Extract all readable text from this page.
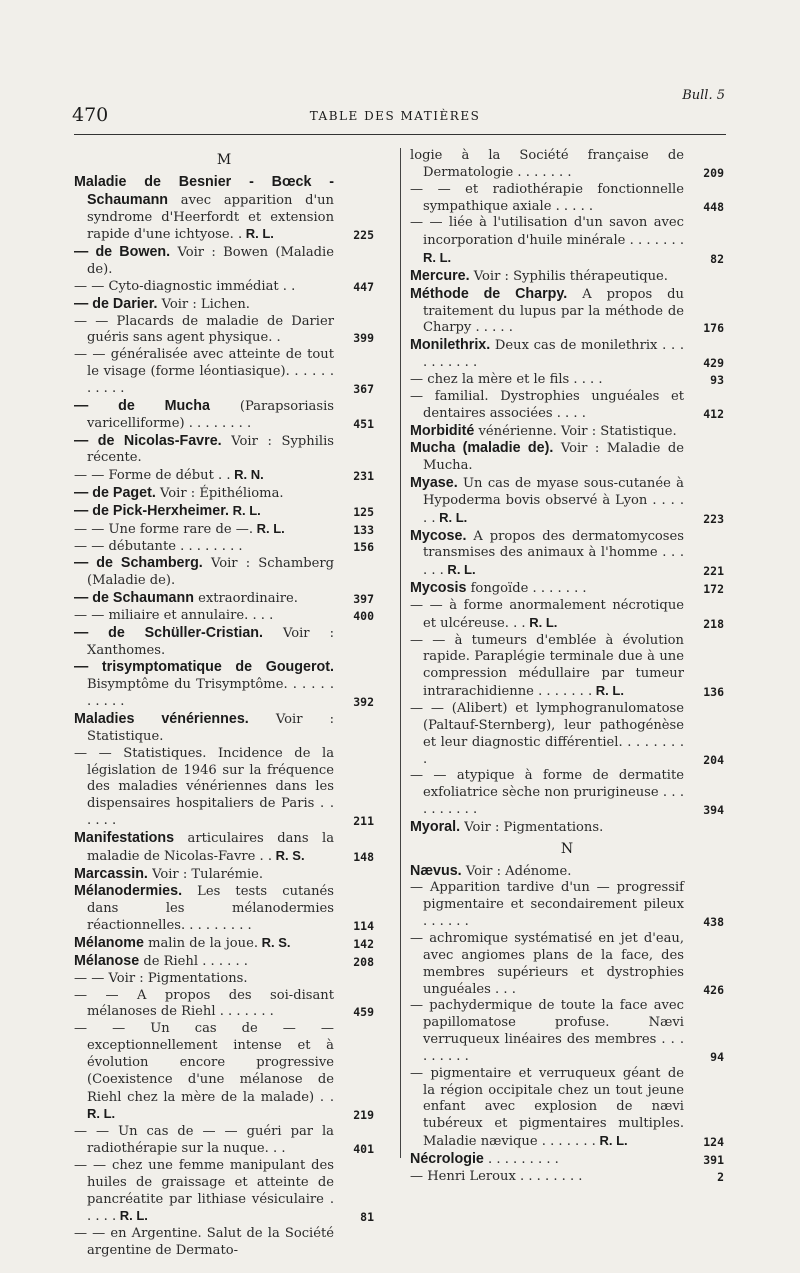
470	TABLE DES MATIÈRES
Bull. 5
M
Maladie de Besnier - Bœck - Schaumann avec apparition d'un syndrome d'Heerfordt et extension rapide d'une ichtyose. . R. L.	225
— de Bowen. Voir : Bowen (Maladie de).
— — Cyto-diagnostic immédiat . .	447
— de Darier. Voir : Lichen.
— — Placards de maladie de Darier guéris sans agent physique. .	399
— — généralisée avec atteinte de tout le visage (forme léontiasique). . . . . . . . . . .	367
— de Mucha (Parapsoriasis varicelliforme) . . . . . . . .	451
— de Nicolas-Favre. Voir : Syphilis récente.
— — Forme de début . . R. N.	231
— de Paget. Voir : Épithélioma.
— de Pick-Herxheimer. R. L.	125
— — Une forme rare de —. R. L.	133
— — débutante . . . . . . . .	156
— de Schamberg. Voir : Schamberg (Maladie de).
— de Schaumann extraordinaire.	397
— — miliaire et annulaire. . . .	400
— de Schüller-Cristian. Voir : Xanthomes.
— trisymptomatique de Gougerot. Bisymptôme du Trisymptôme. . . . . . . . . . .	392
Maladies vénériennes. Voir : Statistique.
— — Statistiques. Incidence de la législation de 1946 sur la fréquence des maladies vénériennes dans les dispensaires hospitaliers de Paris . . . . . .	211
Manifestations articulaires dans la maladie de Nicolas-Favre . . R. S.	148
Marcassin. Voir : Tularémie.
Mélanodermies. Les tests cutanés dans les mélanodermies réactionnelles. . . . . . . . .	114
Mélanome malin de la joue. R. S.	142
Mélanose de Riehl . . . . . .	208
— — Voir : Pigmentations.
— — A propos des soi-disant mélanoses de Riehl . . . . . . .	459
— — Un cas de — — exceptionnellement intense et à évolution encore progressive (Coexistence d'une mélanose de Riehl chez la mère de la malade) . . R. L.	219
— — Un cas de — — guéri par la radiothérapie sur la nuque. . .	401
— — chez une femme manipulant des huiles de graissage et atteinte de pancréatite par lithiase vésiculaire . . . . . R. L.	81
— — en Argentine. Salut de la Société argentine de Dermato-
logie à la Société française de Dermatologie . . . . . . .	209
— — et radiothérapie fonctionnelle sympathique axiale . . . . .	448
— — liée à l'utilisation d'un savon avec incorporation d'huile minérale . . . . . . . R. L.	82
Mercure. Voir : Syphilis thérapeutique.
Méthode de Charpy. A propos du traitement du lupus par la méthode de Charpy . . . . .	176
Monilethrix. Deux cas de monilethrix . . . . . . . . . .	429
— chez la mère et le fils . . . .	93
— familial. Dystrophies unguéales et dentaires associées . . . .	412
Morbidité vénérienne. Voir : Statistique.
Mucha (maladie de). Voir : Maladie de Mucha.
Myase. Un cas de myase sous-cutanée à Hypoderma bovis observé à Lyon . . . . . . R. L.	223
Mycose. A propos des dermatomycoses transmises des animaux à l'homme . . . . . . R. L.	221
Mycosis fongoïde . . . . . . .	172
— — à forme anormalement nécrotique et ulcéreuse. . . R. L.	218
— — à tumeurs d'emblée à évolution rapide. Paraplégie terminale due à une compression médullaire par tumeur intrarachidienne . . . . . . . R. L.	136
— — (Alibert) et lymphogranulomatose (Paltauf-Sternberg), leur pathogénèse et leur diagnostic différentiel. . . . . . . . .	204
— — atypique à forme de dermatite exfoliatrice sèche non prurigineuse . . . . . . . . . .	394
Myoral. Voir : Pigmentations.
N
Nævus. Voir : Adénome.
— Apparition tardive d'un — progressif pigmentaire et secondairement pileux . . . . . .	438
— achromique systématisé en jet d'eau, avec angiomes plans de la face, des membres supérieurs et dystrophies unguéales . . .	426
— pachydermique de toute la face avec papillomatose profuse. Nævi verruqueux linéaires des membres . . . . . . . . .	94
— pigmentaire et verruqueux géant de la région occipitale chez un tout jeune enfant avec explosion de nævi tubéreux et pigmentaires multiples. Maladie nævique . . . . . . . R. L.	124
Nécrologie . . . . . . . . .	391
— Henri Leroux . . . . . . . .	2
